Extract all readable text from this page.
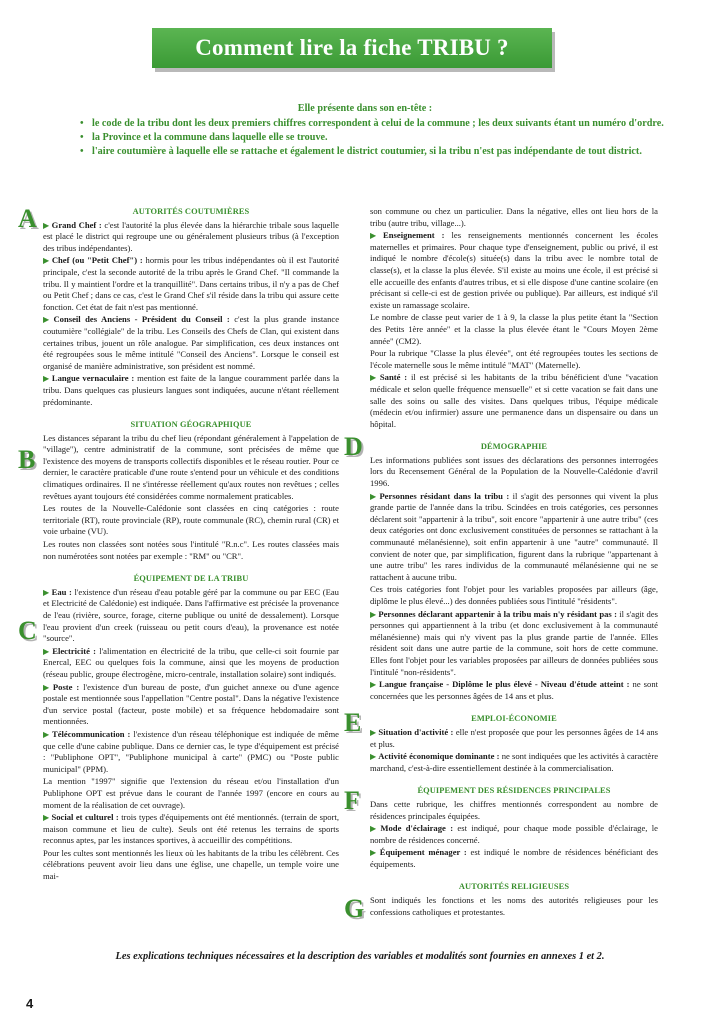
Comment lire la fiche TRIBU ?
Elle présente dans son en-tête :
• le code de la tribu dont les deux premiers chiffres correspondent à celui de la commune ; les deux suivants étant un numéro d'ordre.
• la Province et la commune dans laquelle elle se trouve.
• l'aire coutumière à laquelle elle se rattache et également le district coutumier, si la tribu n'est pas indépendante de tout district.
A
B
C
D
E
F
G
AUTORITÉS COUTUMIÈRES

▶ Grand Chef : c'est l'autorité la plus élevée dans la hiérarchie tribale sous laquelle est placé le district qui regroupe une ou généralement plusieurs tribus (à l'exception des tribus indépendantes).

▶ Chef (ou "Petit Chef") : hormis pour les tribus indépendantes où il est l'autorité principale, c'est la seconde autorité de la tribu après le Grand Chef. "Il commande la tribu. Il y maintient l'ordre et la tranquillité". Dans certains tribus, il n'y a pas de Chef ou Petit Chef ; dans ce cas, c'est le Grand Chef s'il réside dans la tribu qui assure cette fonction. Cet état de fait n'est pas mentionné.

▶ Conseil des Anciens - Président du Conseil : c'est la plus grande instance coutumière "collégiale" de la tribu. Les Conseils des Chefs de Clan, qui existent dans certaines tribus, jouent un rôle analogue. Par simplification, ces deux instances ont été regroupées sous le même intitulé "Conseil des Anciens". Lorsque le conseil est organisé de manière administrative, son président est nommé.

▶ Langue vernaculaire : mention est faite de la langue couramment parlée dans la tribu. Dans quelques cas plusieurs langues sont indiquées, aucune n'étant réellement prédominante.

SITUATION GÉOGRAPHIQUE

Les distances séparant la tribu du chef lieu (répondant généralement à l'appelation de "village"), centre administratif de la commune, sont précisées de même que l'existence des moyens de transports collectifs disponibles et le réseau routier. Pour ce dernier, le caractère praticable d'une route s'entend pour un véhicule et des conditions climatiques ordinaires. Il ne s'intéresse réellement qu'aux routes non revêtues ; celles revêtues ayant toujours été considérées comme normalement praticables.

Les routes de la Nouvelle-Calédonie sont classées en cinq catégories : route territoriale (RT), route provinciale (RP), route communale (RC), chemin rural (CR) et voie urbaine (VU).

Les routes non classées sont notées sous l'intitulé "R.n.c". Les routes classées mais non numérotées sont notées par exemple : "RM" ou "CR".

ÉQUIPEMENT DE LA TRIBU

▶ Eau : l'existence d'un réseau d'eau potable géré par la commune ou par EEC (Eau et Electricité de Calédonie) est indiquée. Dans l'affirmative est précisée la provenance de l'eau (rivière, source, forage, citerne publique ou unité de dessalement). Lorsque l'eau provient d'un creek (ruisseau ou petit cours d'eau), la provenance est notée "source".

▶ Electricité : l'alimentation en électricité de la tribu, que celle-ci soit fournie par Enercal, EEC ou quelques fois la commune, ainsi que les moyens de production (réseau public, groupe électrogène, micro-centrale, installation solaire) sont indiqués.

▶ Poste : l'existence d'un bureau de poste, d'un guichet annexe ou d'une agence postale est mentionnée sous l'appellation "Centre postal". Dans la négative l'existence d'un service postal (facteur, poste mobile) et sa fréquence hebdomadaire sont mentionnées.

▶ Télécommunication : l'existence d'un réseau téléphonique est indiquée de même que celle d'une cabine publique. Dans ce dernier cas, le type d'équipement est précisé : "Publiphone OPT", "Publiphone municipal à carte" (PMC) ou "Poste public municipal" (PPM).

La mention "1997" signifie que l'extension du réseau et/ou l'installation d'un Publiphone OPT est prévue dans le courant de l'année 1997 (encore en cours au moment de la réalisation de cet ouvrage).

▶ Social et culturel : trois types d'équipements ont été mentionnés. (terrain de sport, maison commune et lieu de culte). Seuls ont été retenus les terrains de sports reconnus aptes, par les instances sportives, à accueillir des compétitions.

Pour les cultes sont mentionnés les lieux où les habitants de la tribu les célèbrent. Ces célébrations peuvent avoir lieu dans une église, une chapelle, un temple voire une mai-

son commune ou chez un particulier. Dans la négative, elles ont lieu hors de la tribu (autre tribu, village...).

▶ Enseignement : les renseignements mentionnés concernent les écoles maternelles et primaires. Pour chaque type d'enseignement, public ou privé, il est indiqué le nombre d'école(s) située(s) dans la tribu avec le nombre total de classe(s), et la classe la plus élevée. S'il existe au moins une école, il est précisé si elle accueille des enfants d'autres tribus, et si elle dispose d'une cantine scolaire (en précisant si celle-ci est de gestion privée ou publique). Par ailleurs, est indiqué s'il existe un ramassage scolaire.

Le nombre de classe peut varier de 1 à 9, la classe la plus petite étant la "Section des Petits 1ère année" et la classe la plus élevée étant le "Cours Moyen 2ème année" (CM2).

Pour la rubrique "Classe la plus élevée", ont été regroupées toutes les sections de l'école maternelle sous le même intitulé "MAT" (Maternelle).

▶ Santé : il est précisé si les habitants de la tribu bénéficient d'une "vacation médicale et selon quelle fréquence mensuelle" et si cette vacation se fait dans une salle des soins ou salle des visites. Dans quelques tribus, l'équipe médicale (médecin et/ou infirmier) assure une permanence dans un dispensaire ou dans un hôpital.

DÉMOGRAPHIE

Les informations publiées sont issues des déclarations des personnes interrogées lors du Recensement Général de la Population de la Nouvelle-Calédonie d'avril 1996.

▶ Personnes résidant dans la tribu : il s'agit des personnes qui vivent la plus grande partie de l'année dans la tribu. Scindées en trois catégories, ces personnes déclarent soit "appartenir à la tribu", soit encore "appartenir à une autre tribu" (ces deux catégories ont donc exclusivement constituées de personnes se rattachant à la communauté mélanésienne), soit enfin appartenir à une "autre" communauté. Il convient de noter que, par simplification, figurent dans la rubrique "appartenant à une autre tribu" les rares individus de la communauté mélanésienne qui ne se rattachent à aucune tribu.

Ces trois catégories font l'objet pour les variables proposées par ailleurs (âge, diplôme le plus élevé...) des données publiées sous l'intitulé "résidents".

▶ Personnes déclarant appartenir à la tribu mais n'y résidant pas : il s'agit des personnes qui appartiennent à la tribu (et donc exclusivement à la communauté mélanésienne) mais qui n'y vivent pas la plus grande partie de l'année. Elles résident soit dans une autre partie de la commune, soit hors de cette commune. Elles font l'objet pour les variables proposées par ailleurs de données publiées sous l'intitulé "non-résidents".

▶ Langue française - Diplôme le plus élevé - Niveau d'étude atteint : ne sont concernées que les personnes âgées de 14 ans et plus.

EMPLOI-ÉCONOMIE

▶ Situation d'activité : elle n'est proposée que pour les personnes âgées de 14 ans et plus.

▶ Activité économique dominante : ne sont indiquées que les activités à caractère marchand, c'est-à-dire essentiellement destinée à la commercialisation.

ÉQUIPEMENT DES RÉSIDENCES PRINCIPALES

Dans cette rubrique, les chiffres mentionnés correspondent au nombre de résidences principales équipées.

▶ Mode d'éclairage : est indiqué, pour chaque mode possible d'éclairage, le nombre de résidences concerné.

▶ Équipement ménager : est indiqué le nombre de résidences bénéficiant des équipements.

AUTORITÉS RELIGIEUSES

Sont indiqués les fonctions et les noms des autorités religieuses pour les confessions catholiques et protestantes.

Les explications techniques nécessaires et la description des variables et modalités sont fournies en annexes 1 et 2.
4
